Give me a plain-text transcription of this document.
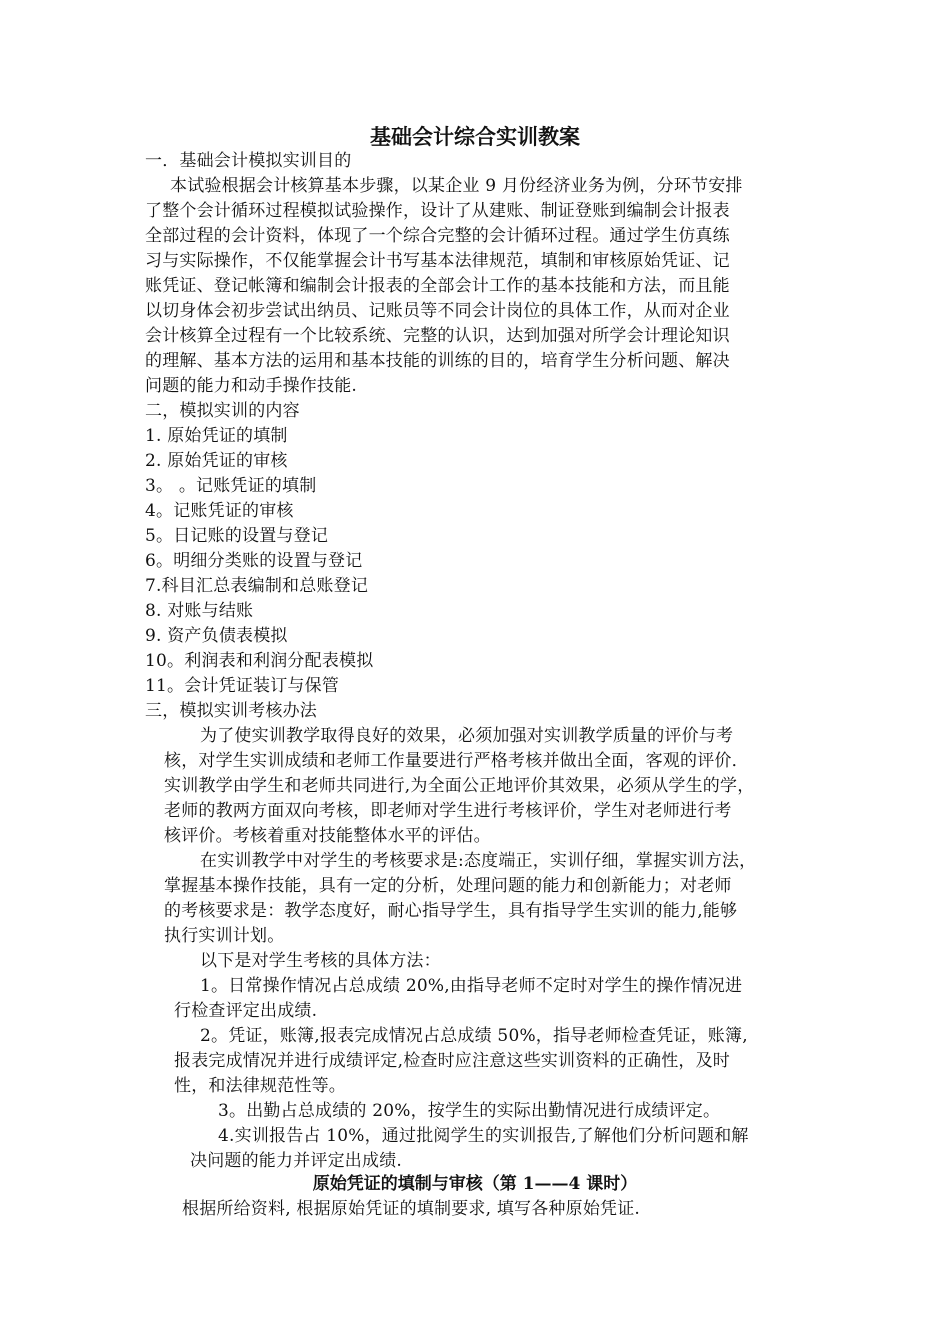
基础会计综合实训教案
一．基础会计模拟实训目的
本试验根据会计核算基本步骤，以某企业 9 月份经济业务为例，分环节安排
了整个会计循环过程模拟试验操作，设计了从建账、制证登账到编制会计报表
全部过程的会计资料，体现了一个综合完整的会计循环过程。通过学生仿真练
习与实际操作，不仅能掌握会计书写基本法律规范，填制和审核原始凭证、记
账凭证、登记帐簿和编制会计报表的全部会计工作的基本技能和方法，而且能
以切身体会初步尝试出纳员、记账员等不同会计岗位的具体工作，从而对企业
会计核算全过程有一个比较系统、完整的认识，达到加强对所学会计理论知识
的理解、基本方法的运用和基本技能的训练的目的，培育学生分析问题、解决
问题的能力和动手操作技能.
二，模拟实训的内容
1. 原始凭证的填制
2. 原始凭证的审核
3。 。记账凭证的填制
4。记账凭证的审核
5。日记账的设置与登记
6。明细分类账的设置与登记
7.科目汇总表编制和总账登记
8. 对账与结账
9. 资产负债表模拟
10。利润表和利润分配表模拟
11。会计凭证装订与保管
三，模拟实训考核办法
为了使实训教学取得良好的效果，必须加强对实训教学质量的评价与考
核，对学生实训成绩和老师工作量要进行严格考核并做出全面，客观的评价．
实训教学由学生和老师共同进行,为全面公正地评价其效果，必须从学生的学，
老师的教两方面双向考核，即老师对学生进行考核评价，学生对老师进行考
核评价。考核着重对技能整体水平的评估。
在实训教学中对学生的考核要求是:态度端正，实训仔细，掌握实训方法，
掌握基本操作技能，具有一定的分析，处理问题的能力和创新能力；对老师
的考核要求是：教学态度好，耐心指导学生，具有指导学生实训的能力,能够
执行实训计划。
以下是对学生考核的具体方法：
1。日常操作情况占总成绩 20%,由指导老师不定时对学生的操作情况进
行检查评定出成绩.
2。凭证，账簿,报表完成情况占总成绩 50%，指导老师检查凭证，账簿,
报表完成情况并进行成绩评定,检查时应注意这些实训资料的正确性，及时
性，和法律规范性等。
3。出勤占总成绩的 20%，按学生的实际出勤情况进行成绩评定。
4.实训报告占 10%，通过批阅学生的实训报告,了解他们分析问题和解
决问题的能力并评定出成绩.
原始凭证的填制与审核（第 1——4 课时）
根据所给资料, 根据原始凭证的填制要求, 填写各种原始凭证.
